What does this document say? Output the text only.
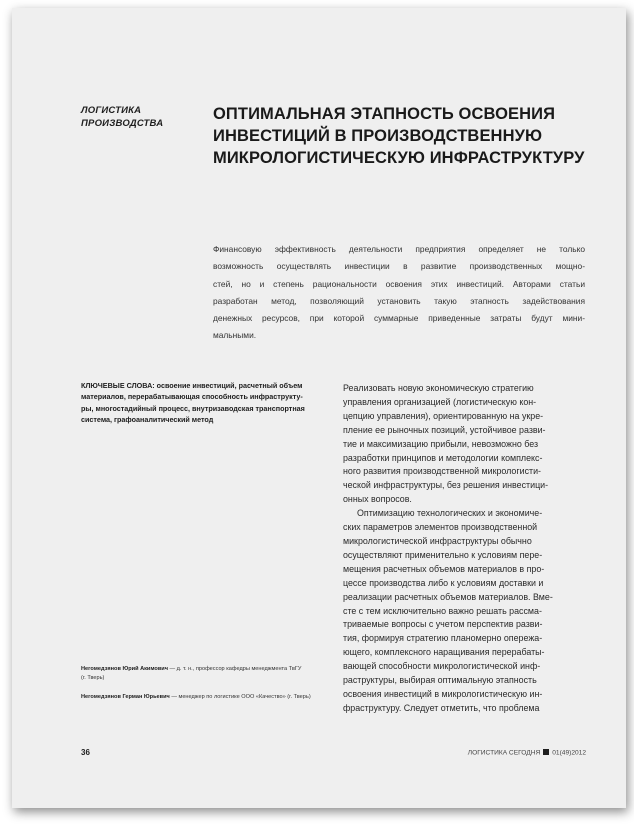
ЛОГИСТИКА
ПРОИЗВОДСТВА
ОПТИМАЛЬНАЯ ЭТАПНОСТЬ ОСВОЕНИЯ
ИНВЕСТИЦИЙ В ПРОИЗВОДСТВЕННУЮ
МИКРОЛОГИСТИЧЕСКУЮ ИНФРАСТРУКТУРУ
Финансовую эффективность деятельности предприятия определяет не только
возможность осуществлять инвестиции в развитие производственных мощно-
стей, но и степень рациональности освоения этих инвестиций. Авторами статьи
разработан метод, позволяющий установить такую этапность задействования
денежных ресурсов, при которой суммарные приведенные затраты будут мини-
мальными.
КЛЮЧЕВЫЕ СЛОВА: освоение инвестиций, расчетный объем
материалов, перерабатывающая способность инфраструкту-
ры, многостадийный процесс, внутризаводская транспортная
система, графоаналитический метод
Негомедзянов Юрий Акимович — д. т. н., профессор кафедры менеджмента ТвГУ
(г. Тверь)
Негомедзянов Герман Юрьевич — менеджер по логистике ООО «Качество» (г. Тверь)
Реализовать новую экономическую стратегию
управления организацией (логистическую кон-
цепцию управления), ориентированную на укре-
пление ее рыночных позиций, устойчивое разви-
тие и максимизацию прибыли, невозможно без
разработки принципов и методологии комплекс-
ного развития производственной микрологисти-
ческой инфраструктуры, без решения инвестици-
онных вопросов.
Оптимизацию технологических и экономиче-
ских параметров элементов производственной
микрологистической инфраструктуры обычно
осуществляют применительно к условиям пере-
мещения расчетных объемов материалов в про-
цессе производства либо к условиям доставки и
реализации расчетных объемов материалов. Вме-
сте с тем исключительно важно решать рассма-
триваемые вопросы с учетом перспектив разви-
тия, формируя стратегию планомерно опережа-
ющего, комплексного наращивания перерабаты-
вающей способности микрологистической инф-
раструктуры, выбирая оптимальную этапность
освоения инвестиций в микрологистическую ин-
фраструктуру. Следует отметить, что проблема
36	ЛОГИСТИКА СЕГОДНЯ 01(49)2012
